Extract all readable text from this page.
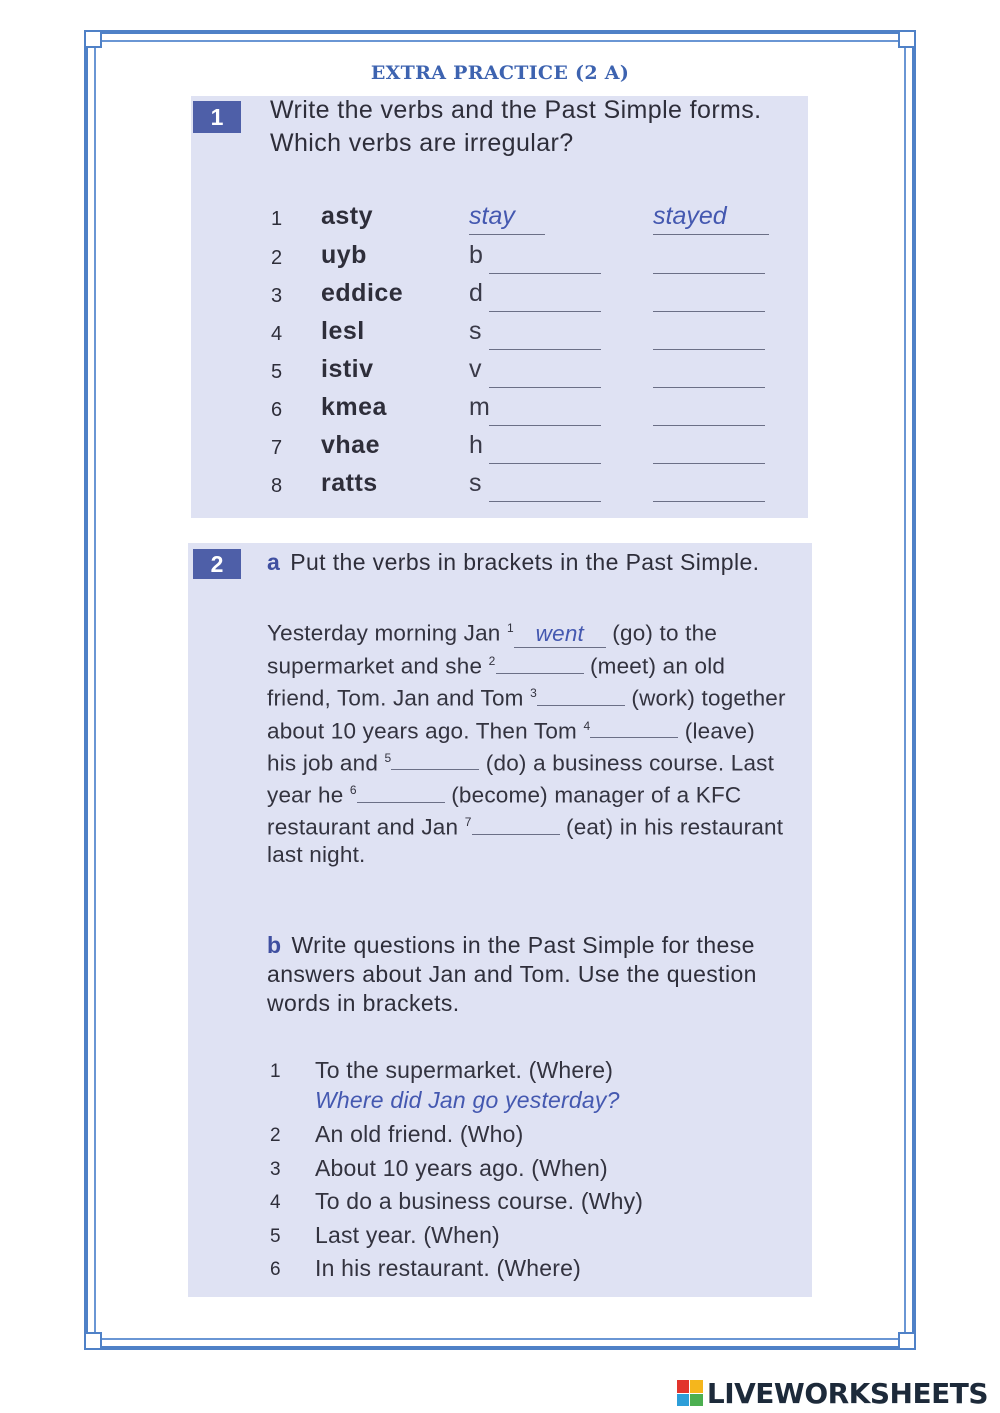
EXTRA PRACTICE (2 A)
1	Write the verbs and the Past Simple forms. Which verbs are irregular?
1 asty	stay	stayed
2 uyb	b
3 eddice	d
4 lesl	s
5 istiv	v
6 kmea	m
7 vhae	h
8 ratts	s
2	a Put the verbs in brackets in the Past Simple.
Yesterday morning Jan $^1$ went (go) to the supermarket and she $^2$	(meet) an old friend, Tom. Jan and Tom $^3$	(work) together about 10 years ago. Then Tom $^4$	(leave) his job and $^5$	(do) a business course. Last year he $^6$	(become) manager of a KFC restaurant and Jan $^7$	(eat) in his restaurant last night.
b Write questions in the Past Simple for these answers about Jan and Tom. Use the question words in brackets.
1 To the supermarket. (Where)
Where did Jan go yesterday?
2 An old friend. (Who)
3 About 10 years ago. (When)
4 To do a business course. (Why)
5 Last year. (When)
6 In his restaurant. (Where)
LIVEWORKSHEETS
